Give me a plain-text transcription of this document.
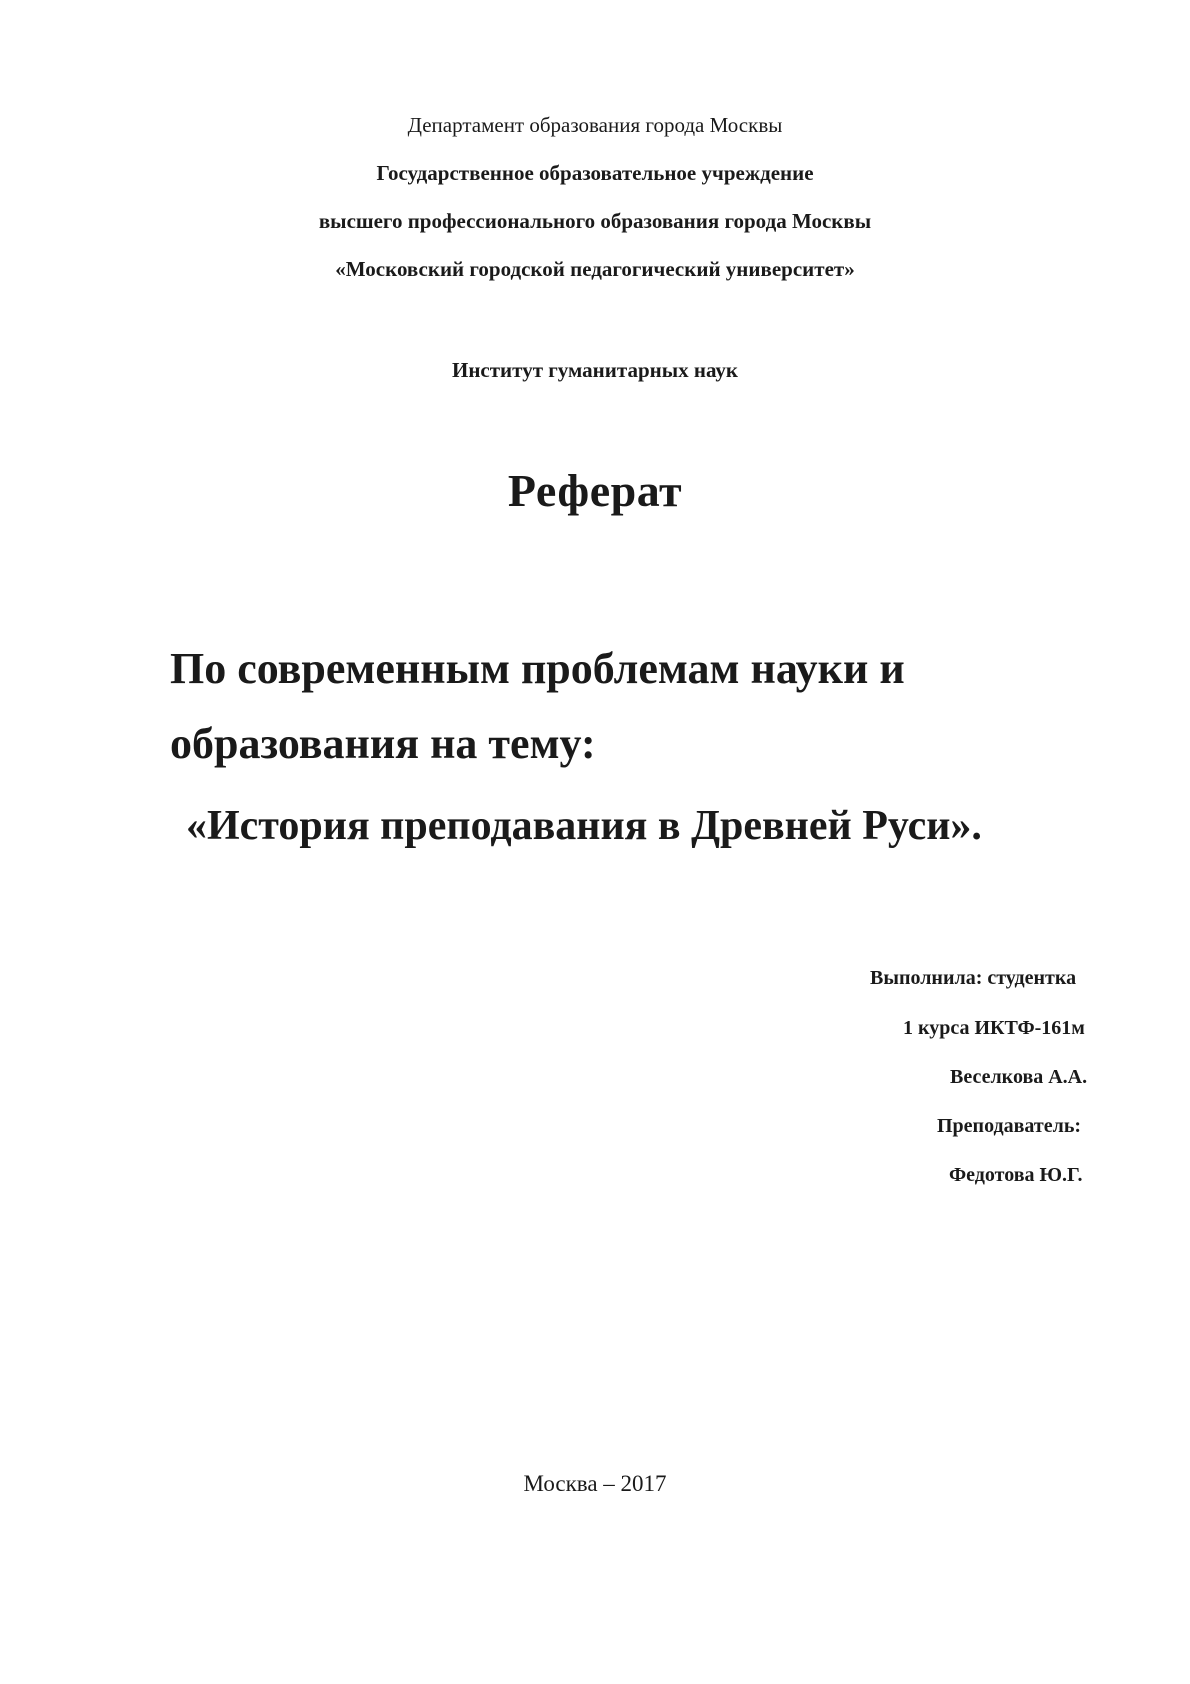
Департамент образования города Москвы
Государственное образовательное учреждение
высшего профессионального образования города Москвы
«Московский городской педагогический университет»
Институт гуманитарных наук
Реферат
По современным проблемам науки и
образования на тему:
«История преподавания в Древней Руси».
Выполнила: студентка
1 курса ИКТФ-161м
Веселкова А.А.
Преподаватель:
Федотова Ю.Г.
Москва – 2017
